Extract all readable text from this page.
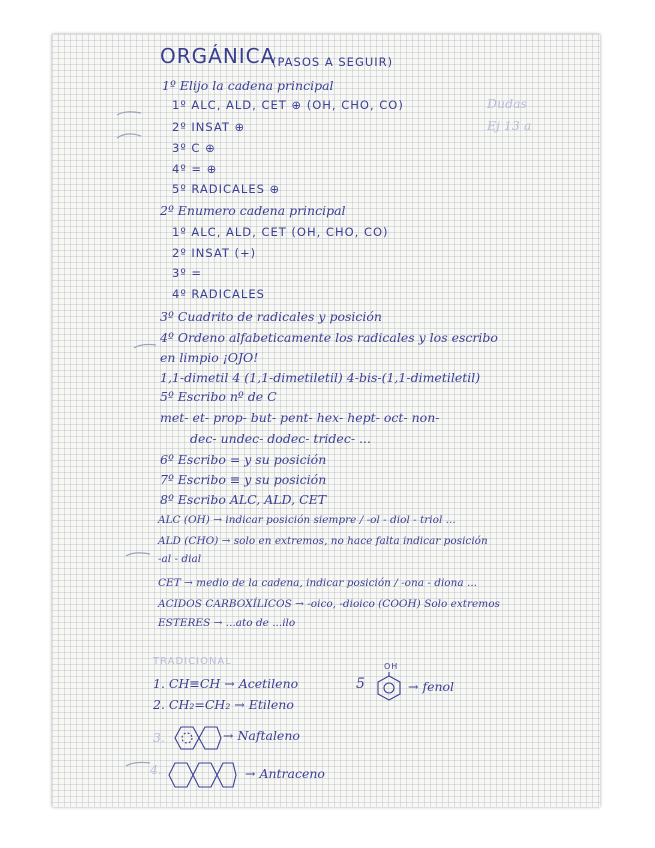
ORGÁNICA
(PASOS A SEGUIR)
Dudas
Ej 13 a
1º Elijo la cadena principal
1º ALC, ALD, CET ⊕ (OH, CHO, CO)
2º INSAT ⊕
3º C ⊕
4º = ⊕
5º RADICALES ⊕
2º Enumero cadena principal
1º ALC, ALD, CET (OH, CHO, CO)
2º INSAT (+)
3º =
4º RADICALES
3º Cuadrito de radicales y posición
4º Ordeno alfabeticamente los radicales y los escribo
en limpio ¡OJO!
1,1-dimetil 4 (1,1-dimetiletil) 4-bis-(1,1-dimetiletil)
5º Escribo nº de C
met- et- prop- but- pent- hex- hept- oct- non-
dec- undec- dodec- tridec- ...
6º Escribo = y su posición
7º Escribo ≡ y su posición
8º Escribo ALC, ALD, CET
ALC (OH) → indicar posición siempre / -ol - diol - triol ...
ALD (CHO) → solo en extremos, no hace falta indicar posición
-al - dial
CET → medio de la cadena, indicar posición / -ona - diona ...
ACIDOS CARBOXÍLICOS → -oico, -dioico (COOH) Solo extremos
ESTERES → ...ato de ...ilo
TRADICIONAL
1. CH≡CH → Acetileno
2. CH₂=CH₂ → Etileno
3.	→ Naftaleno
4.	→ Antraceno
5
OH
→ fenol
